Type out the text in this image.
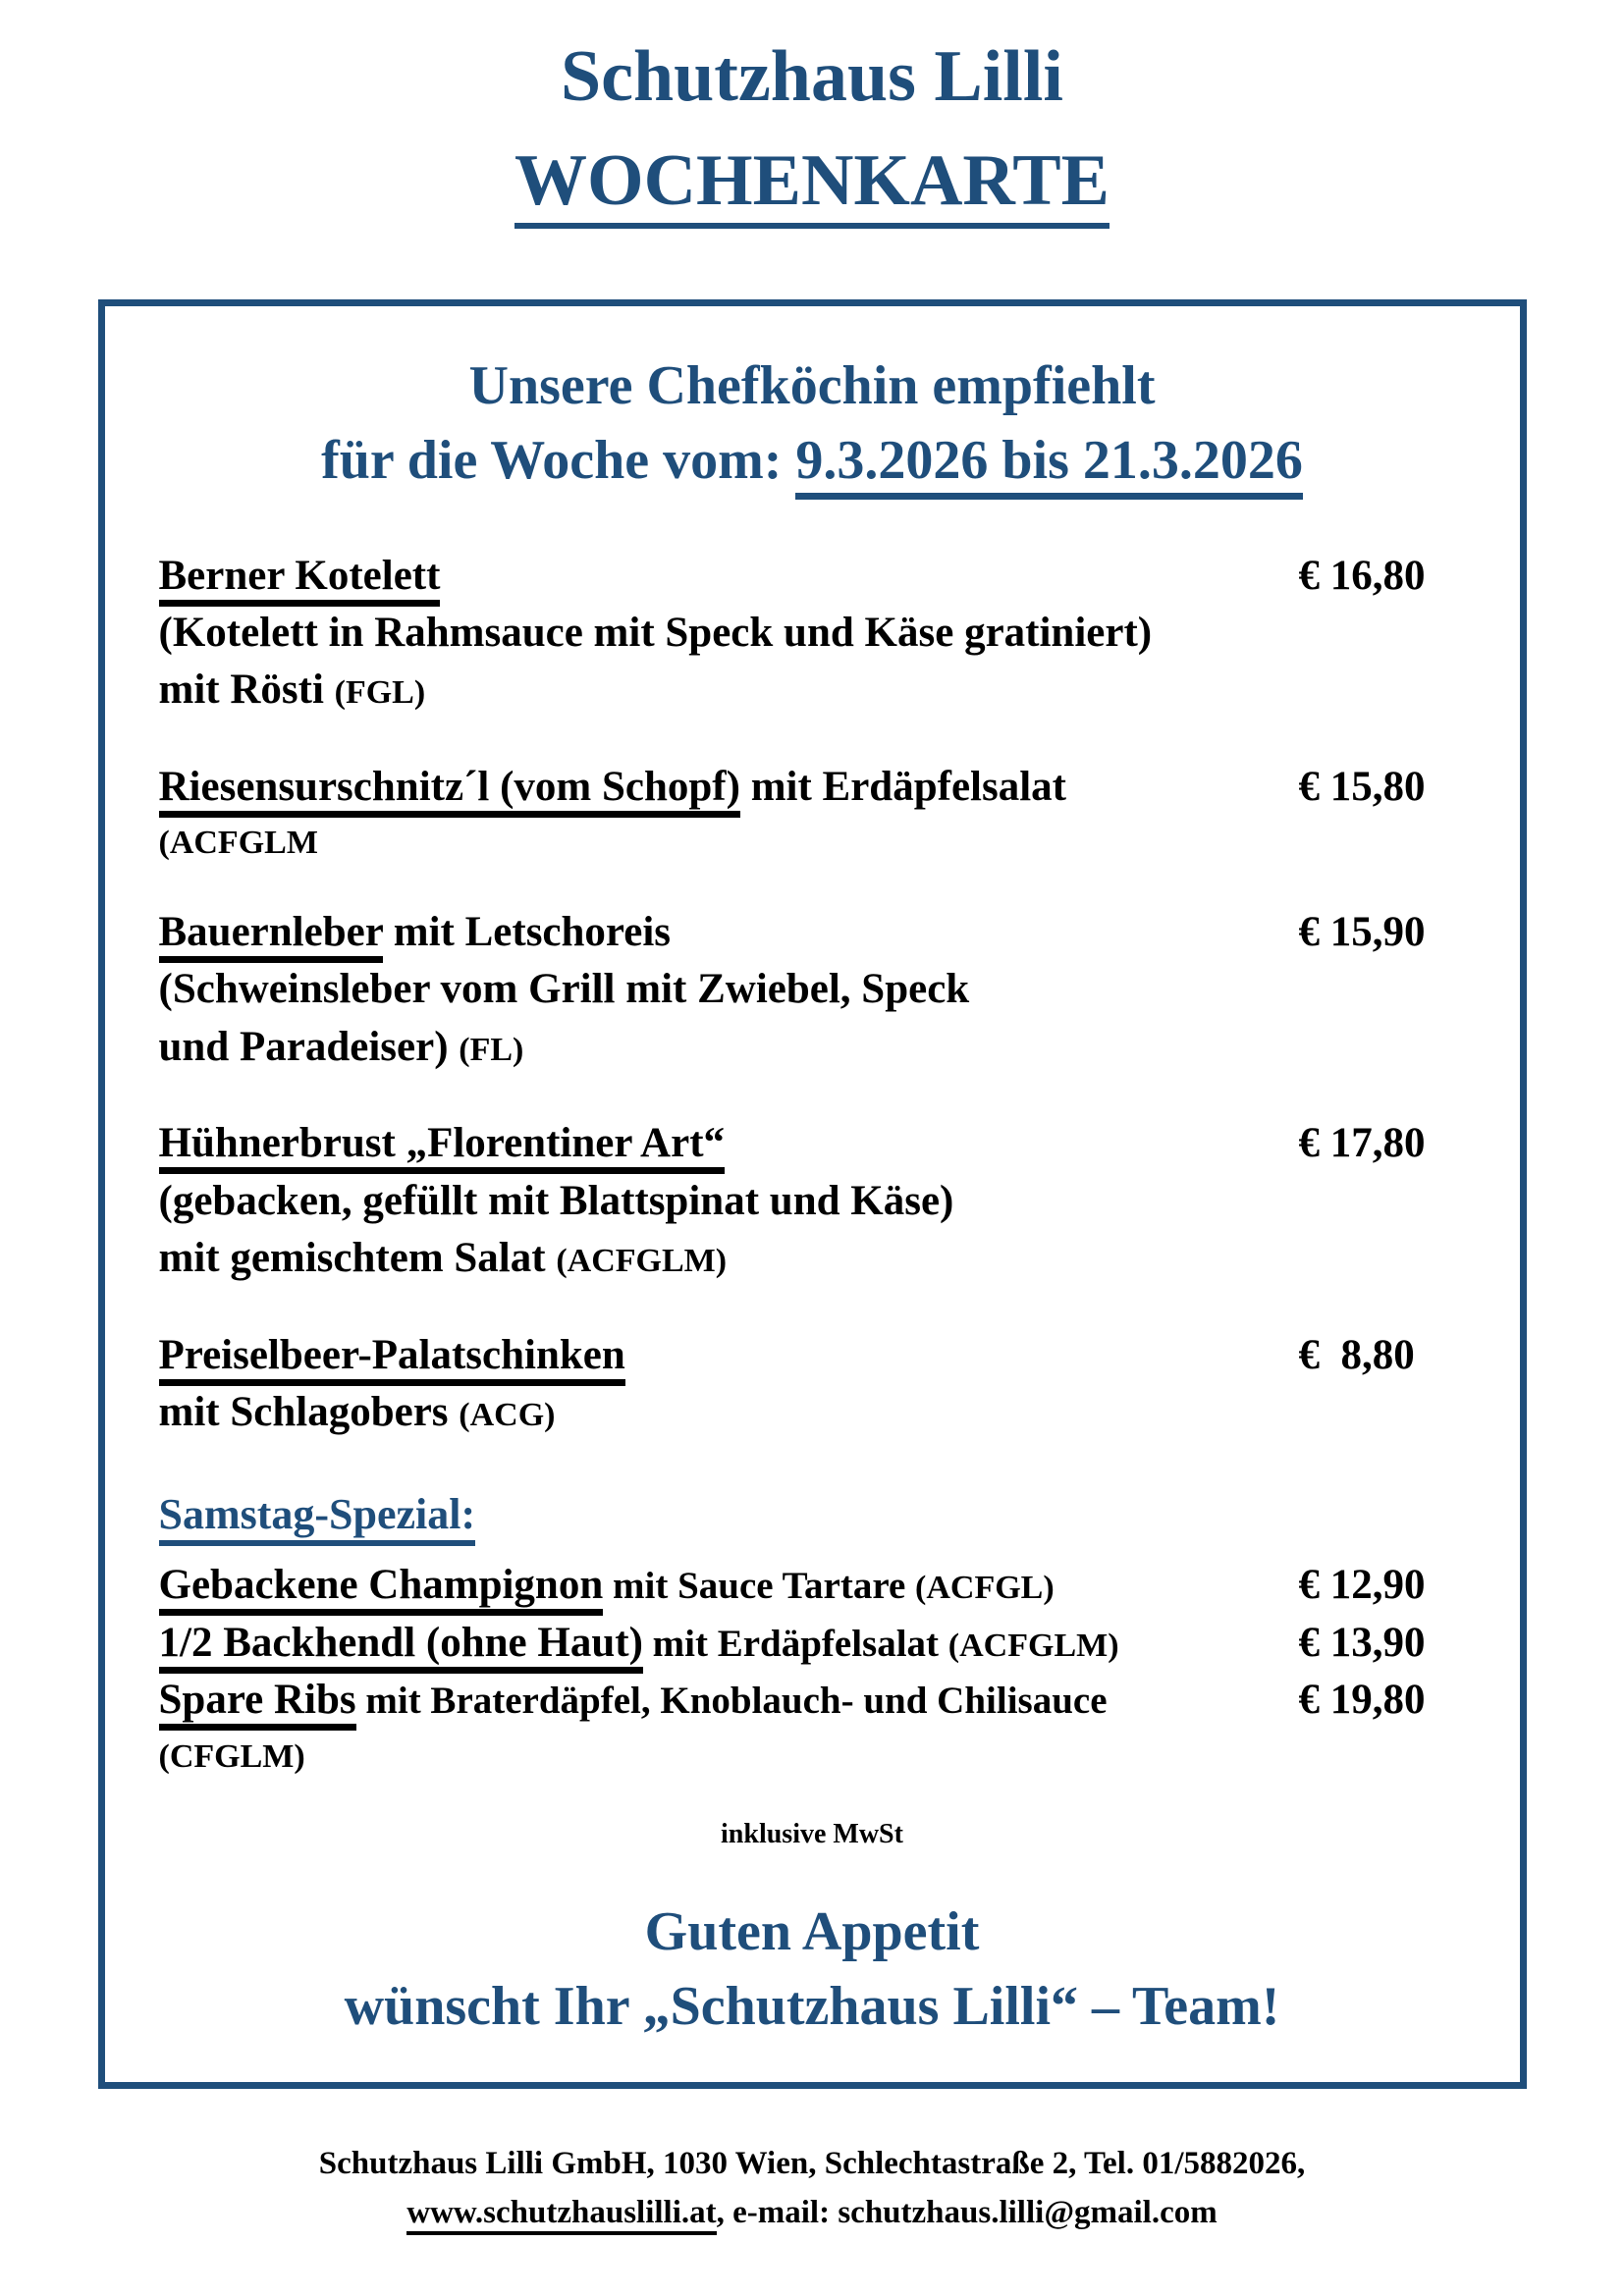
Schutzhaus Lilli
WOCHENKARTE
Unsere Chefköchin empfiehlt
für die Woche vom: 9.3.2026 bis 21.3.2026
Berner Kotelett	€ 16,80
(Kotelett in Rahmsauce mit Speck und Käse gratiniert)
mit Rösti (FGL)
Riesensurschnitz´l (vom Schopf) mit Erdäpfelsalat	€ 15,80
(ACFGLM
Bauernleber mit Letschoreis	€ 15,90
(Schweinsleber vom Grill mit Zwiebel, Speck
und Paradeiser) (FL)
Hühnerbrust „Florentiner Art“	€ 17,80
(gebacken, gefüllt mit Blattspinat und Käse)
mit gemischtem Salat (ACFGLM)
Preiselbeer-Palatschinken	€  8,80
mit Schlagobers (ACG)
Samstag-Spezial:
Gebackene Champignon mit Sauce Tartare (ACFGL)	€ 12,90
1/2 Backhendl (ohne Haut) mit Erdäpfelsalat (ACFGLM)	€ 13,90
Spare Ribs mit Braterdäpfel, Knoblauch- und Chilisauce	€ 19,80
(CFGLM)
inklusive MwSt
Guten Appetit
wünscht Ihr „Schutzhaus Lilli“ – Team!
Schutzhaus Lilli GmbH, 1030 Wien, Schlechtastraße 2, Tel. 01/5882026,
www.schutzhauslilli.at, e-mail: schutzhaus.lilli@gmail.com
